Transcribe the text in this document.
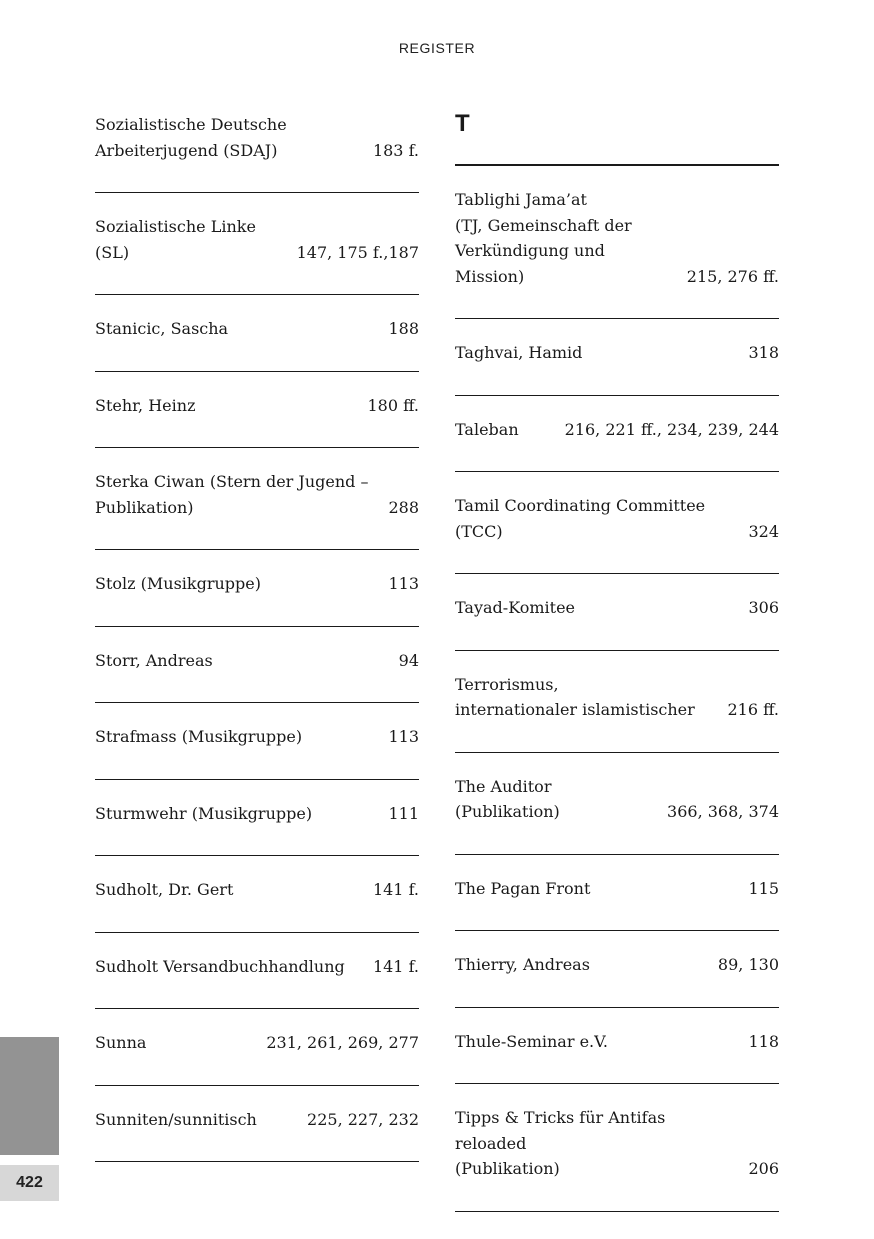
REGISTER
Sozialistische Deutsche
Arbeiterjugend (SDAJ)	183 f.
Sozialistische Linke (SL)	147, 175 f.,187
Stanicic, Sascha	188
Stehr, Heinz	180 ff.
Sterka Ciwan (Stern der Jugend –
Publikation)	288
Stolz (Musikgruppe)	113
Storr, Andreas	94
Strafmass (Musikgruppe)	113
Sturmwehr (Musikgruppe)	111
Sudholt, Dr. Gert	141 f.
Sudholt Versandbuchhandlung	141 f.
Sunna	231, 261, 269, 277
Sunniten/sunnitisch	225, 227, 232
T
Tablighi Jama’at
(TJ, Gemeinschaft der
Verkündigung und Mission)	215, 276 ff.
Taghvai, Hamid	318
Taleban	216, 221 ff., 234, 239, 244
Tamil Coordinating Committee
(TCC)	324
Tayad-Komitee	306
Terrorismus,
internationaler islamistischer	216 ff.
The Auditor (Publikation)	366, 368, 374
The Pagan Front	115
Thierry, Andreas	89, 130
Thule-Seminar e.V.	118
Tipps & Tricks für Antifas reloaded
(Publikation)	206
422
